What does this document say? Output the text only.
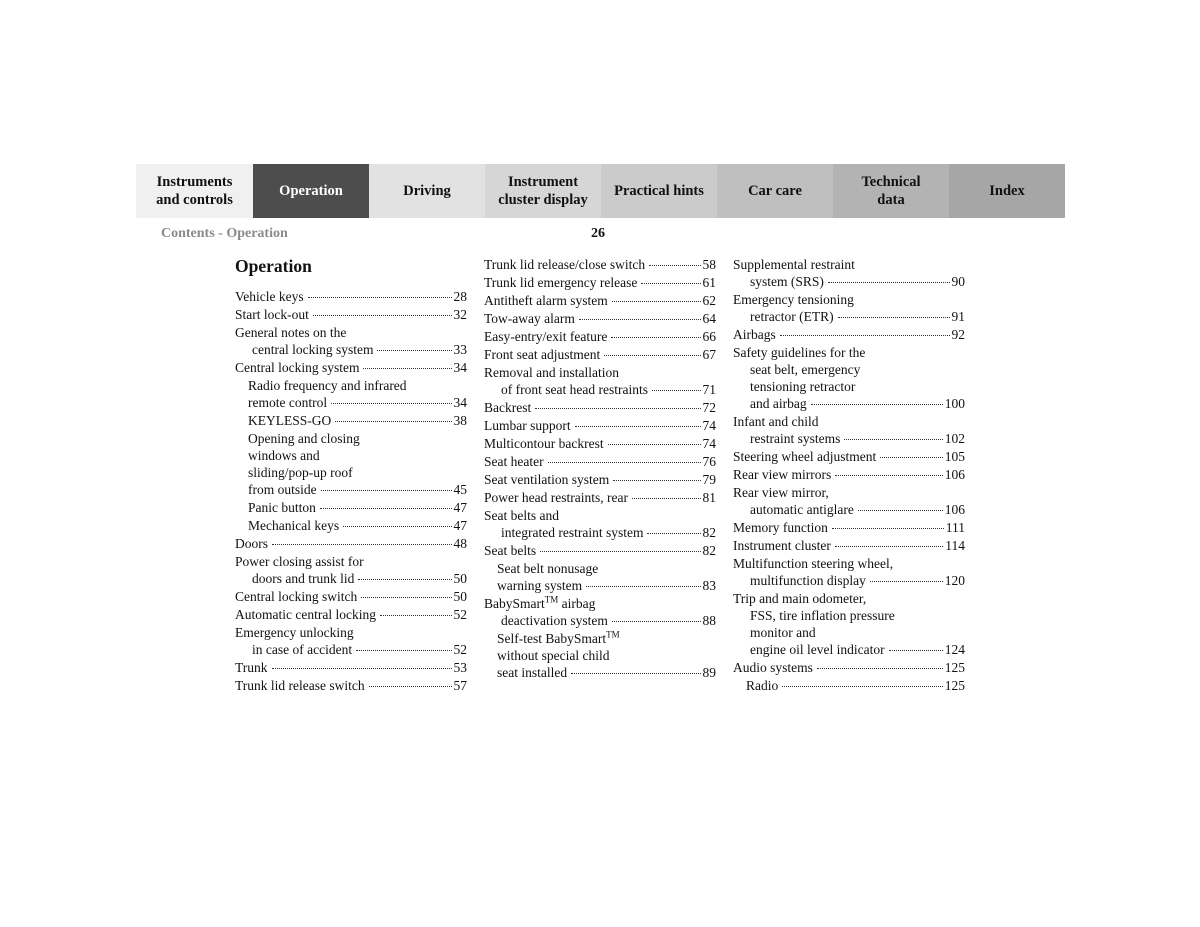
Instruments
and controls
Operation	Driving
Instrument
cluster display
Practical hints	Car care
Technical
data
Index
Contents - Operation	26
Operation
Vehicle keys	28
Start lock-out	32
General notes on the
central locking system	33
Central locking system	34
Radio frequency and infrared
remote control	34
KEYLESS-GO	38
Opening and closing
windows and
sliding/pop-up roof
from outside	45
Panic button	47
Mechanical keys	47
Doors	48
Power closing assist for
doors and trunk lid	50
Central locking switch	50
Automatic central locking	52
Emergency unlocking
in case of accident	52
Trunk	53
Trunk lid release switch	57
Trunk lid release/close switch	58
Trunk lid emergency release	61
Antitheft alarm system	62
Tow-away alarm	64
Easy-entry/exit feature	66
Front seat adjustment	67
Removal and installation
of front seat head restraints	71
Backrest	72
Lumbar support	74
Multicontour backrest	74
Seat heater	76
Seat ventilation system	79
Power head restraints, rear	81
Seat belts and
integrated restraint system	82
Seat belts	82
Seat belt nonusage
warning system	83
BabySmart™ airbag
deactivation system	88
Self-test BabySmart™
without special child
seat installed	89
Supplemental restraint
system (SRS)	90
Emergency tensioning
retractor (ETR)	91
Airbags	92
Safety guidelines for the
seat belt, emergency
tensioning retractor
and airbag	100
Infant and child
restraint systems	102
Steering wheel adjustment	105
Rear view mirrors	106
Rear view mirror,
automatic antiglare	106
Memory function	111
Instrument cluster	114
Multifunction steering wheel,
multifunction display	120
Trip and main odometer,
FSS, tire inflation pressure
monitor and
engine oil level indicator	124
Audio systems	125
Radio	125
